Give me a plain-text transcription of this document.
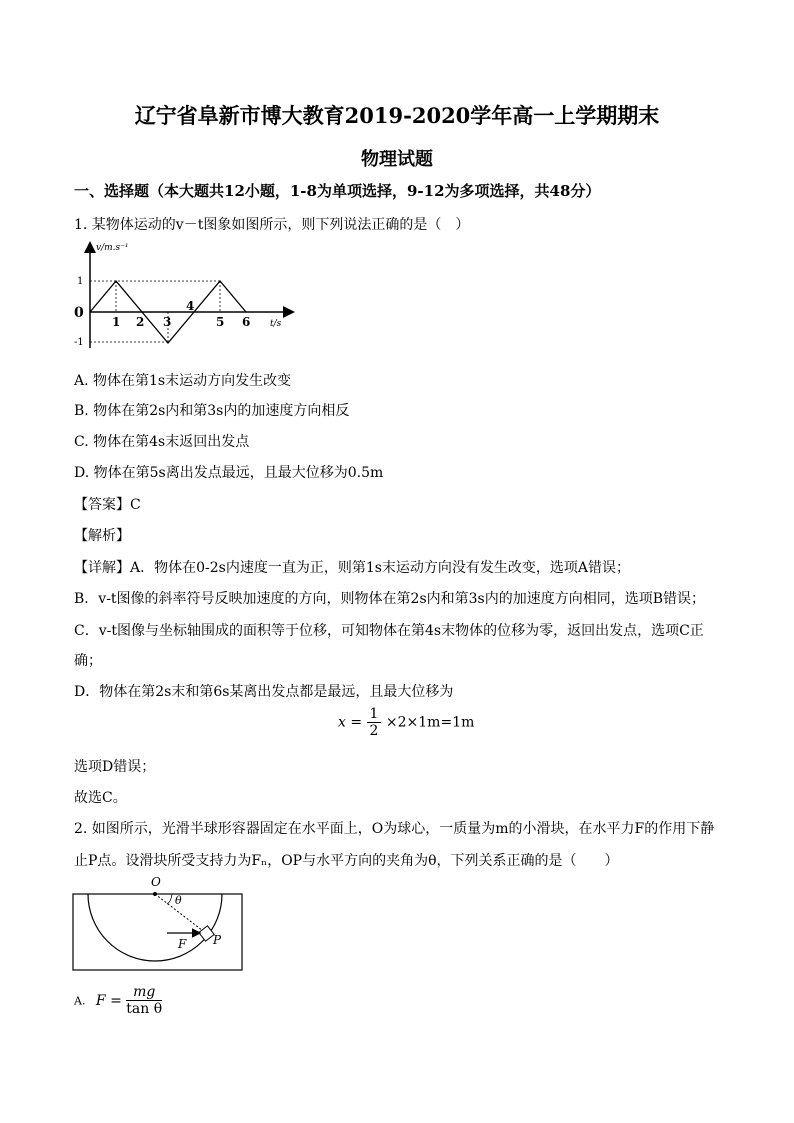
辽宁省阜新市博大教育2019-2020学年高一上学期期末
物理试题
一、选择题（本大题共12小题，1-8为单项选择，9-12为多项选择，共48分）
1. 某物体运动的v－t图象如图所示，则下列说法正确的是（　）
v/m.s⁻¹
t/s
0
1
-1
1 2 3
4
5 6
A. 物体在第1s末运动方向发生改变
B. 物体在第2s内和第3s内的加速度方向相反
C. 物体在第4s末返回出发点
D. 物体在第5s离出发点最远，且最大位移为0.5m
【答案】C
【解析】
【详解】A．物体在0-2s内速度一直为正，则第1s末运动方向没有发生改变，选项A错误；
B．v-t图像的斜率符号反映加速度的方向，则物体在第2s内和第3s内的加速度方向相同，选项B错误；
C．v-t图像与坐标轴围成的面积等于位移，可知物体在第4s末物体的位移为零，返回出发点，选项C正
确；
D．物体在第2s末和第6s某离出发点都是最远，且最大位移为
$x = \frac{1}{2} \times 2\times 1m=1m$
选项D错误；
故选C。
2. 如图所示，光滑半球形容器固定在水平面上，O为球心，一质量为m的小滑块，在水平力F的作用下静
止P点。设滑块所受支持力为Fₙ，OP与水平方向的夹角为θ，下列关系正确的是（　　）
O
θ
F P
A. $F = \frac{mg}{\text{tan θ}}$
